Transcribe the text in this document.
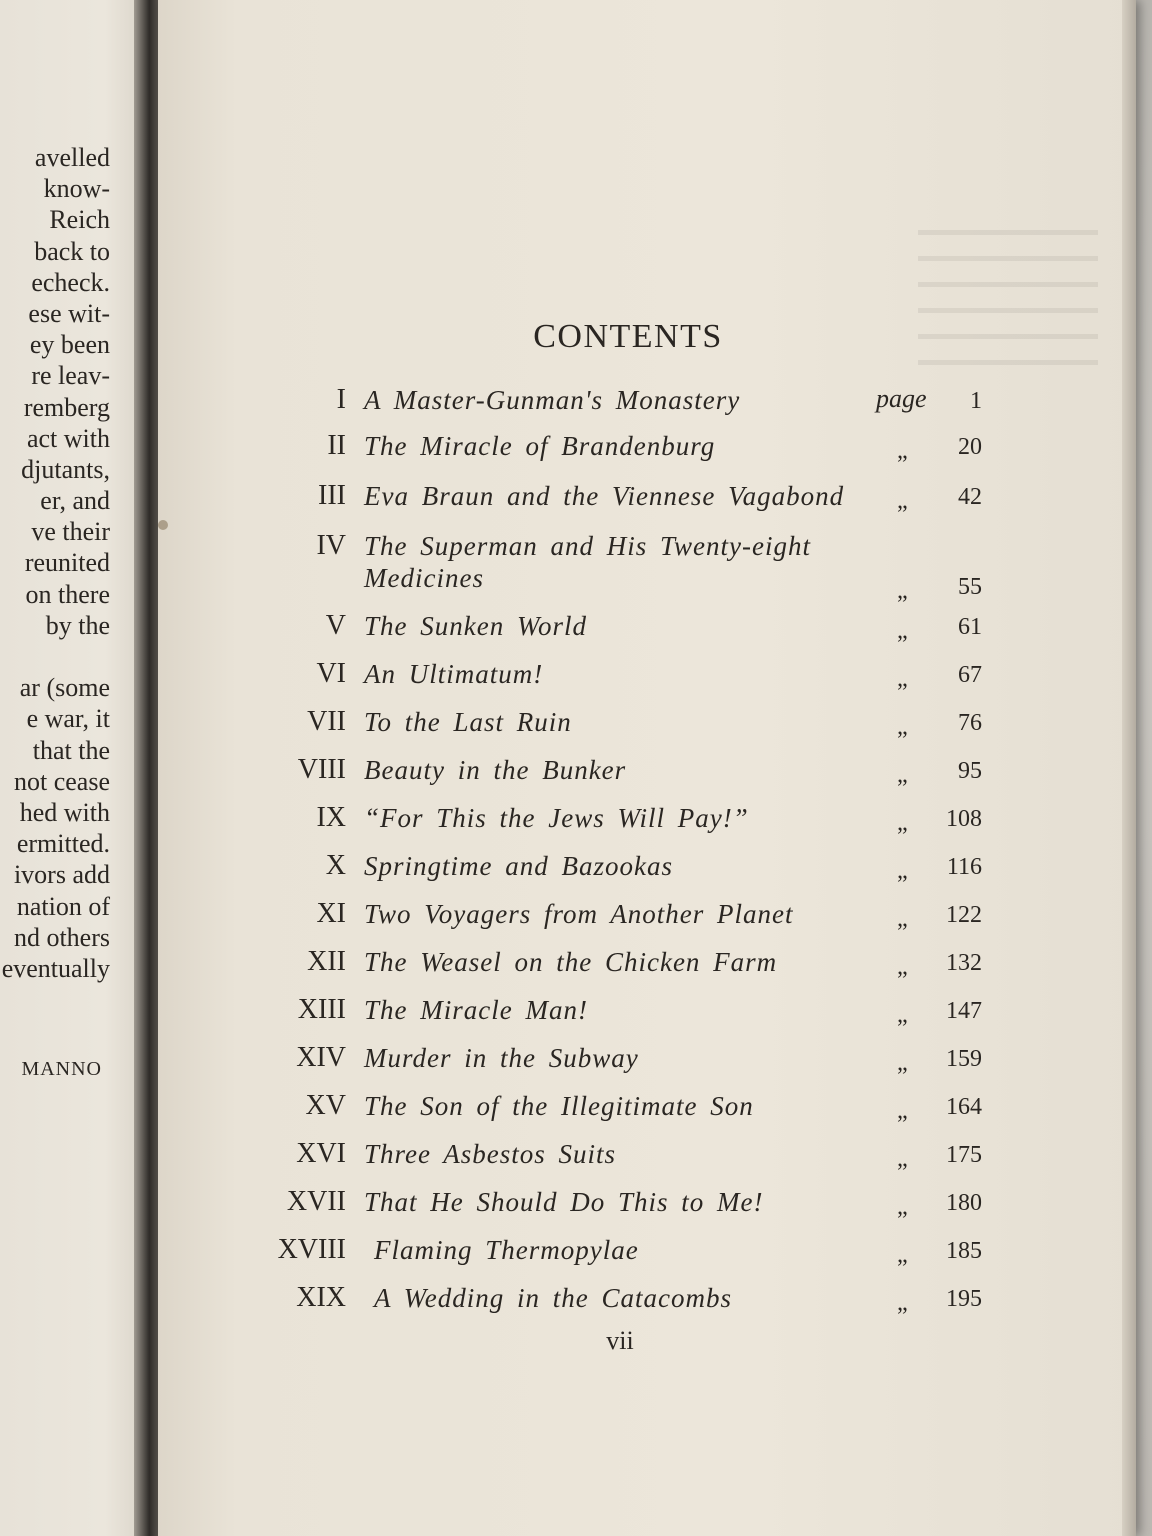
avelled
know-
Reich
back to
echeck.
ese wit-
ey been
re leav-
remberg
act with
djutants,
er, and
ve their
reunited
on there
by the
ar (some
e war, it
that the
not cease
hed with
ermitted.
ivors add
nation of
nd others
eventually
MANNO
CONTENTS
I A Master-Gunman's Monastery	page 1
II The Miracle of Brandenburg	„ 20
III Eva Braun and the Viennese Vagabond	„ 42
IV The Superman and His Twenty-eight Medicines	„ 55
V The Sunken World	„ 61
VI An Ultimatum!	„ 67
VII To the Last Ruin	„ 76
VIII Beauty in the Bunker	„ 95
IX “For This the Jews Will Pay!”	„ 108
X Springtime and Bazookas	„ 116
XI Two Voyagers from Another Planet	„ 122
XII The Weasel on the Chicken Farm	„ 132
XIII The Miracle Man!	„ 147
XIV Murder in the Subway	„ 159
XV The Son of the Illegitimate Son	„ 164
XVI Three Asbestos Suits	„ 175
XVII That He Should Do This to Me!	„ 180
XVIII Flaming Thermopylae	„ 185
XIX A Wedding in the Catacombs	„ 195
vii
